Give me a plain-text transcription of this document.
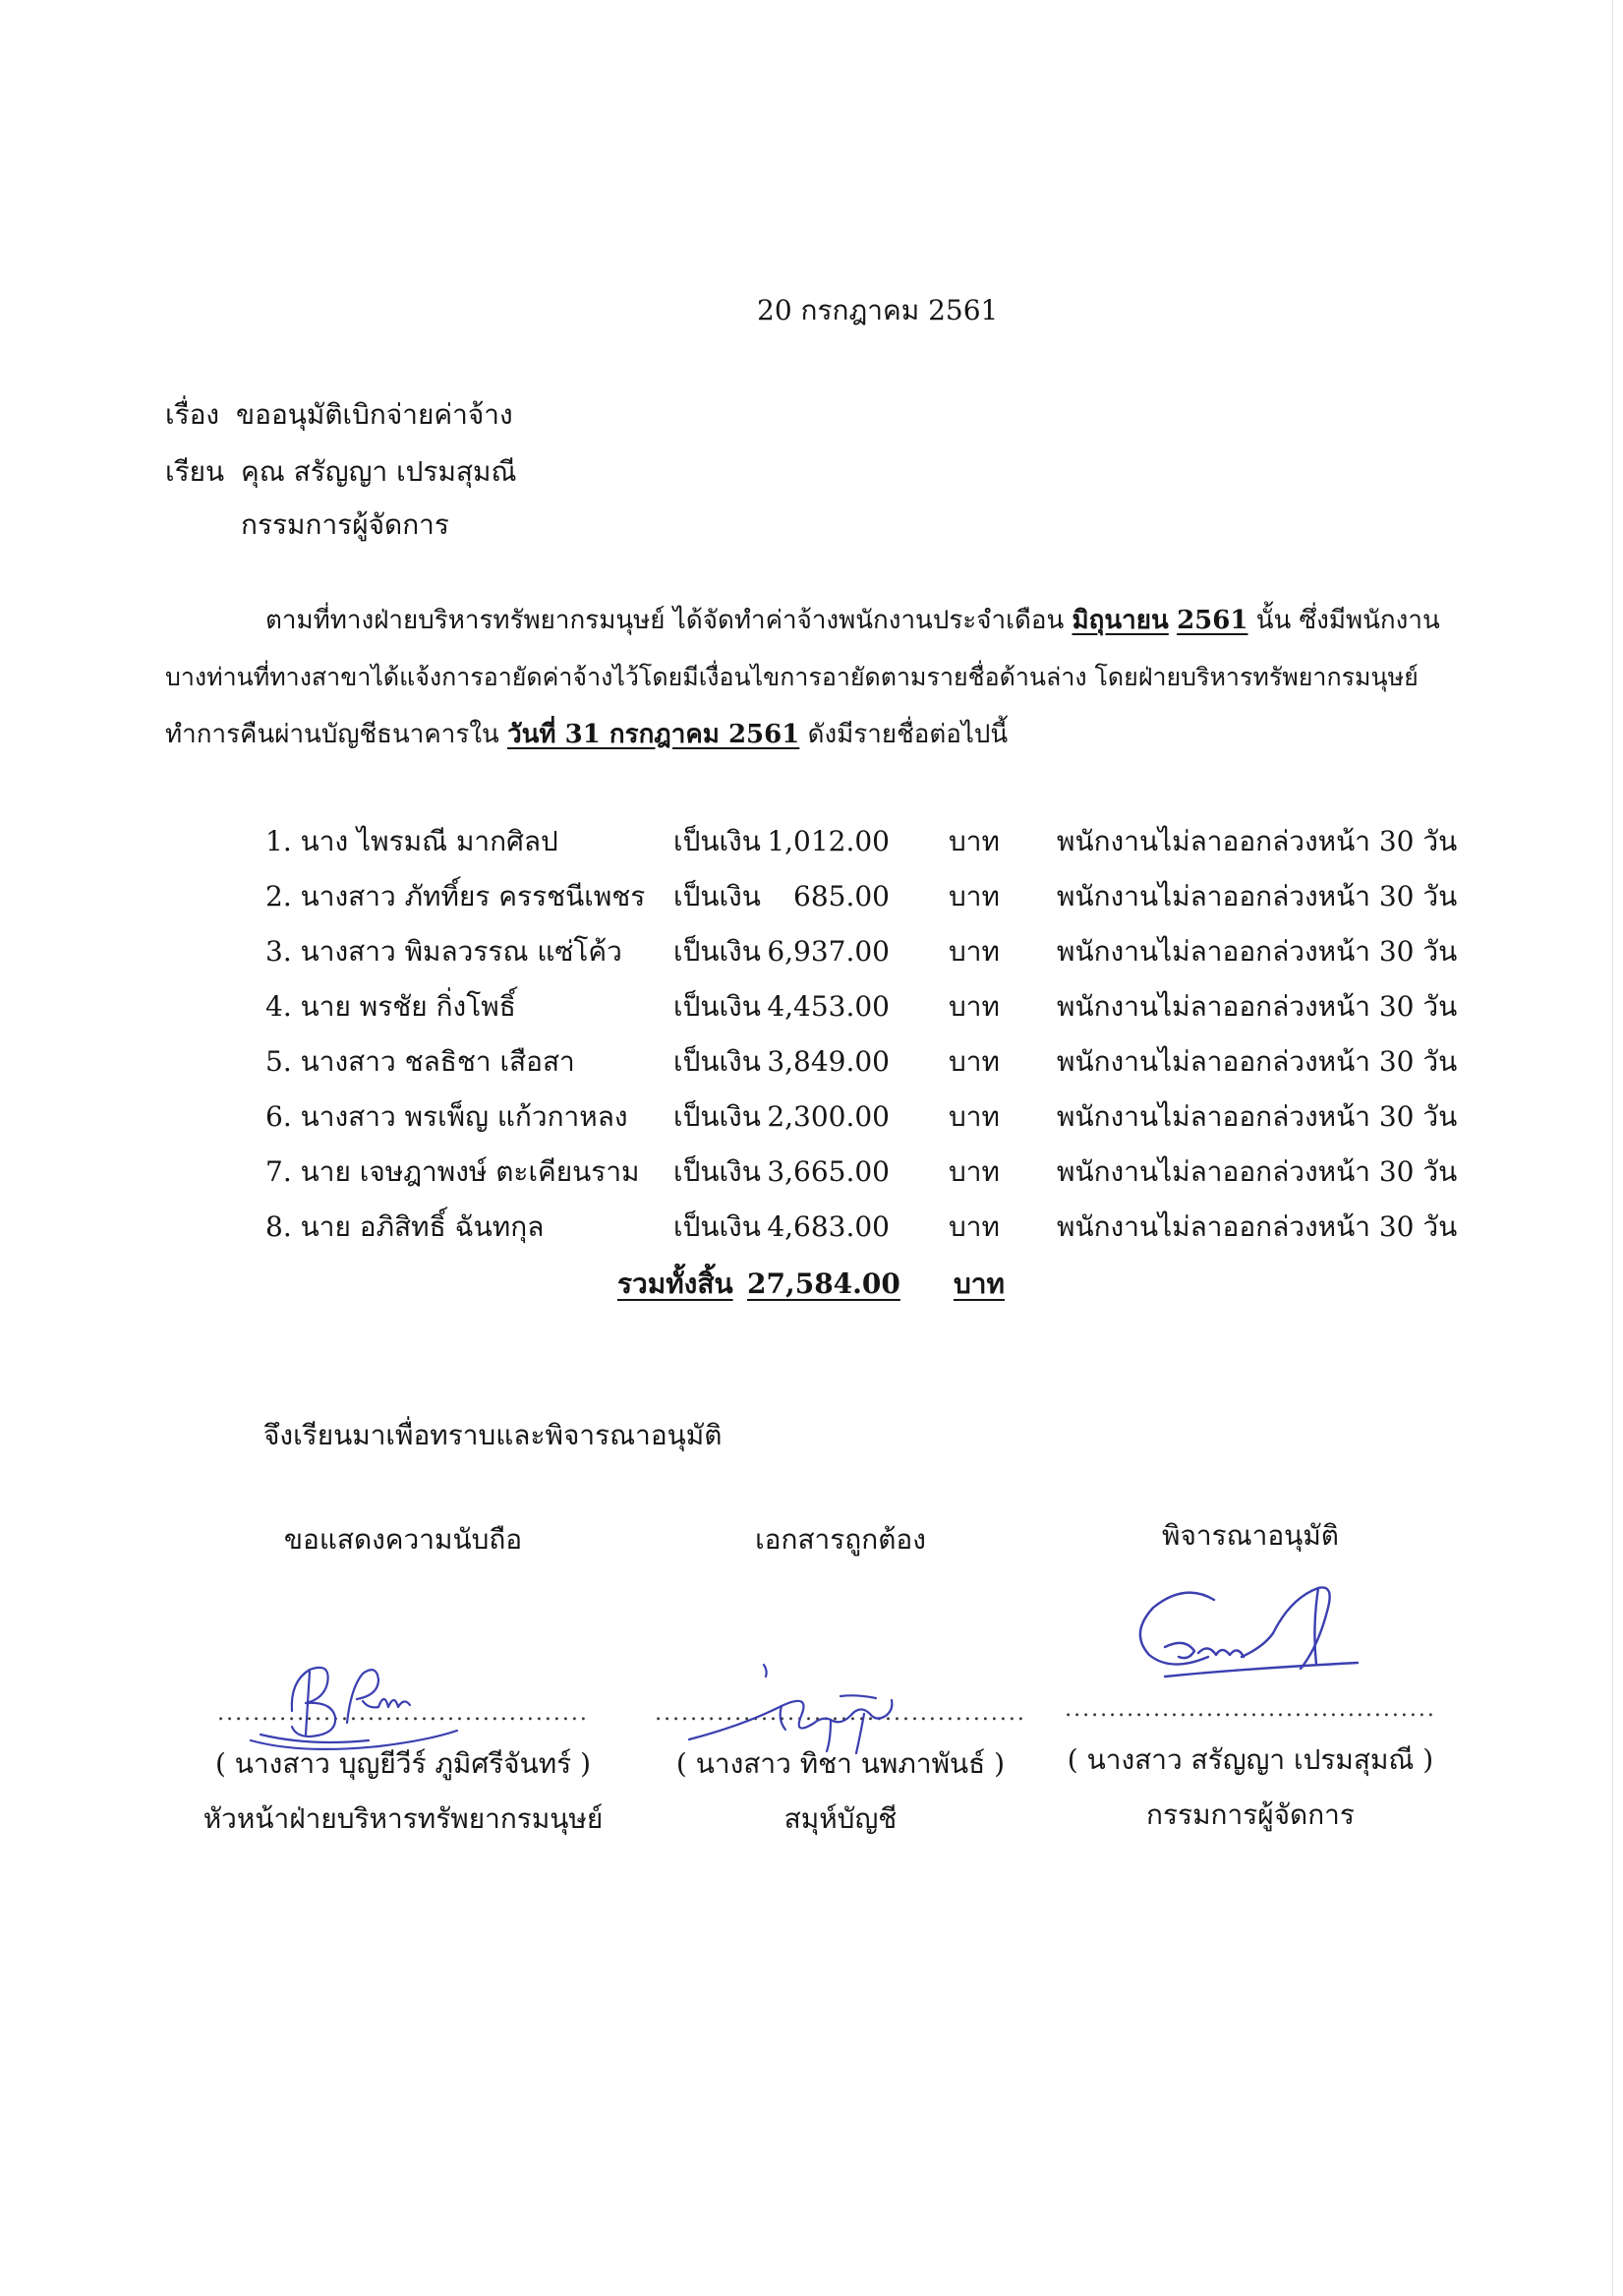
20 กรกฎาคม 2561
เรื่อง ขออนุมัติเบิกจ่ายค่าจ้าง
เรียน คุณ สรัญญา เปรมสุมณี
กรรมการผู้จัดการ
ตามที่ทางฝ่ายบริหารทรัพยากรมนุษย์ ได้จัดทำค่าจ้างพนักงานประจำเดือน มิถุนายน 2561 นั้น ซึ่งมีพนักงาน
บางท่านที่ทางสาขาได้แจ้งการอายัดค่าจ้างไว้โดยมีเงื่อนไขการอายัดตามรายชื่อด้านล่าง โดยฝ่ายบริหารทรัพยากรมนุษย์
ทำการคืนผ่านบัญชีธนาคารใน วันที่ 31 กรกฎาคม 2561 ดังมีรายชื่อต่อไปนี้
1. นาง ไพรมณี มากศิลป	เป็นเงิน 1,012.00 บาท พนักงานไม่ลาออกล่วงหน้า 30 วัน
2. นางสาว ภัททิ์ยร ครรชนีเพชร เป็นเงิน	685.00 บาท พนักงานไม่ลาออกล่วงหน้า 30 วัน
3. นางสาว พิมลวรรณ แซ่โค้ว เป็นเงิน 6,937.00 บาท พนักงานไม่ลาออกล่วงหน้า 30 วัน
4. นาย พรชัย กิ่งโพธิ์	เป็นเงิน 4,453.00 บาท พนักงานไม่ลาออกล่วงหน้า 30 วัน
5. นางสาว ชลธิชา เสือสา	เป็นเงิน 3,849.00 บาท พนักงานไม่ลาออกล่วงหน้า 30 วัน
6. นางสาว พรเพ็ญ แก้วกาหลง เป็นเงิน 2,300.00 บาท พนักงานไม่ลาออกล่วงหน้า 30 วัน
7. นาย เจษฎาพงษ์ ตะเคียนราม เป็นเงิน 3,665.00 บาท พนักงานไม่ลาออกล่วงหน้า 30 วัน
8. นาย อภิสิทธิ์ ฉันทกุล	เป็นเงิน 4,683.00 บาท พนักงานไม่ลาออกล่วงหน้า 30 วัน
รวมทั้งสิ้น 27,584.00 บาท
จึงเรียนมาเพื่อทราบและพิจารณาอนุมัติ
ขอแสดงความนับถือ
..........................................
( นางสาว บุญยีวีร์ ภูมิศรีจันทร์ )
หัวหน้าฝ่ายบริหารทรัพยากรมนุษย์
เอกสารถูกต้อง
..........................................
( นางสาว ทิชา นพภาพันธ์ )
สมุห์บัญชี
พิจารณาอนุมัติ
..........................................
( นางสาว สรัญญา เปรมสุมณี )
กรรมการผู้จัดการ
